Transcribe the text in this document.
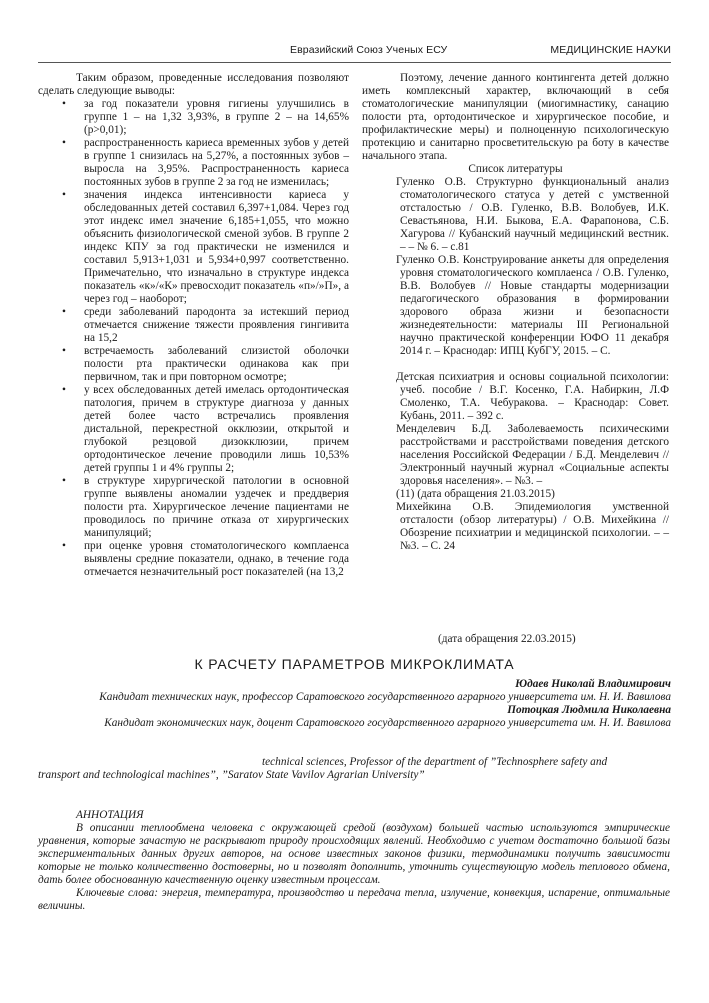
Евразийский Союз Ученых ЕСУ	МЕДИЦИНСКИЕ НАУКИ

Таким образом, проведенные исследования позволяют сделать следующие выводы:

• за год показатели уровня гигиены улучшились в группе 1 – на 1,32 3,93%, в группе 2 – на 14,65% (p>0,01);
• распространенность кариеса временных зубов у детей в группе 1 снизилась на 5,27%, а постоянных зубов – выросла на 3,95%. Распространенность кариеса постоянных зубов в группе 2 за год не изменилась;
• значения индекса интенсивности кариеса у обследованных детей составил 6,397+1,084. Через год этот индекс имел значение 6,185+1,055, что можно объяснить физиологической сменой зубов. В группе 2 индекс КПУ за год практически не изменился и составил 5,913+1,031 и 5,934+0,997 соответственно. Примечательно, что изначально в структуре индекса показатель «к»/«К» превосходит показатель «п»/»П», а через год – наоборот;
• среди заболеваний пародонта за истекший период отмечается снижение тяжести проявления гингивита на 15,2
• встречаемость заболеваний слизистой оболочки полости рта практически одинакова как при первичном, так и при повторном осмотре;
• у всех обследованных детей имелась ортодонтическая патология, причем в структуре диагноза у данных детей более часто встречались проявления дистальной, перекрестной окклюзии, открытой и глубокой резцовой дизокклюзии, причем ортодонтическое лечение проводили лишь 10,53% детей группы 1 и 4% группы 2;
• в структуре хирургической патологии в основной группе выявлены аномалии уздечек и преддверия полости рта. Хирургическое лечение пациентами не проводилось по причине отказа от хирургических манипуляций;
• при оценке уровня стоматологического комплаенса выявлены средние показатели, однако, в течение года отмечается незначительный рост показателей (на 13,2

Поэтому, лечение данного контингента детей должно иметь комплексный характер, включающий в себя стоматологические манипуляции (миогимнастику, санацию полости рта, ортодонтическое и хирургическое пособие, и профилактические меры) и полноценную психологическую протекцию и санитарно просветительскую ра боту в качестве начального этапа.

Список литературы

Гуленко О.В. Структурно функциональный анализ стоматологического статуса у детей с умственной отсталостью / О.В. Гуленко, В.В. Волобуев, И.К. Севастьянова, Н.И. Быкова, Е.А. Фарапонова, С.Б. Хагурова // Кубанский научный медицинский вестник. – – № 6. – с.81

Гуленко О.В. Конструирование анкеты для определения уровня стоматологического комплаенса / О.В. Гуленко, В.В. Волобуев // Новые стандарты модернизации педагогического образования в формировании здорового образа жизни и безопасности жизнедеятельности: материалы III Региональной научно практической конференции ЮФО 11 декабря 2014 г. – Краснодар: ИПЦ КубГУ, 2015. – С.

Детская психиатрия и основы социальной психологии: учеб. пособие / В.Г. Косенко, Г.А. Набиркин, Л.Ф Смоленко, Т.А. Чебуракова. – Краснодар: Совет. Кубань, 2011. – 392 с.

Менделевич Б.Д. Заболеваемость психическими расстройствами и расстройствами поведения детского населения Российской Федерации / Б.Д. Менделевич // Электронный научный журнал «Социальные аспекты здоровья населения». – №3. –

(11) (дата обращения 21.03.2015)

Михейкина О.В. Эпидемиология умственной отсталости (обзор литературы) / О.В. Михейкина // Обозрение психиатрии и медицинской психологии. – – №3. – С. 24

(дата обращения 22.03.2015)
К РАСЧЕТУ ПАРАМЕТРОВ МИКРОКЛИМАТА
Юдаев Николай Владимирович
Кандидат технических наук, профессор Саратовского государственного аграрного университета им. Н. И. Вавилова
Потоцкая Людмила Николаевна
Кандидат экономических наук, доцент Саратовского государственного аграрного университета им. Н. И. Вавилова
technical sciences, Professor of the department of ”Technosphere safety and
transport and technological machines”, ”Saratov State Vavilov Agrarian University”

АННОТАЦИЯ

В описании теплообмена человека с окружающей средой (воздухом) большей частью используются эмпирические уравнения, которые зачастую не раскрывают природу происходящих явлений. Необходимо с учетом достаточно большой базы экспериментальных данных других авторов, на основе известных законов физики, термодинамики получить зависимости которые не только количественно достоверны, но и позволят дополнить, уточнить существующую модель теплового обмена, дать более обоснованную качественную оценку известным процессам.

Ключевые слова: энергия, температура, производство и передача тепла, излучение, конвекция, испарение, оптимальные величины.
